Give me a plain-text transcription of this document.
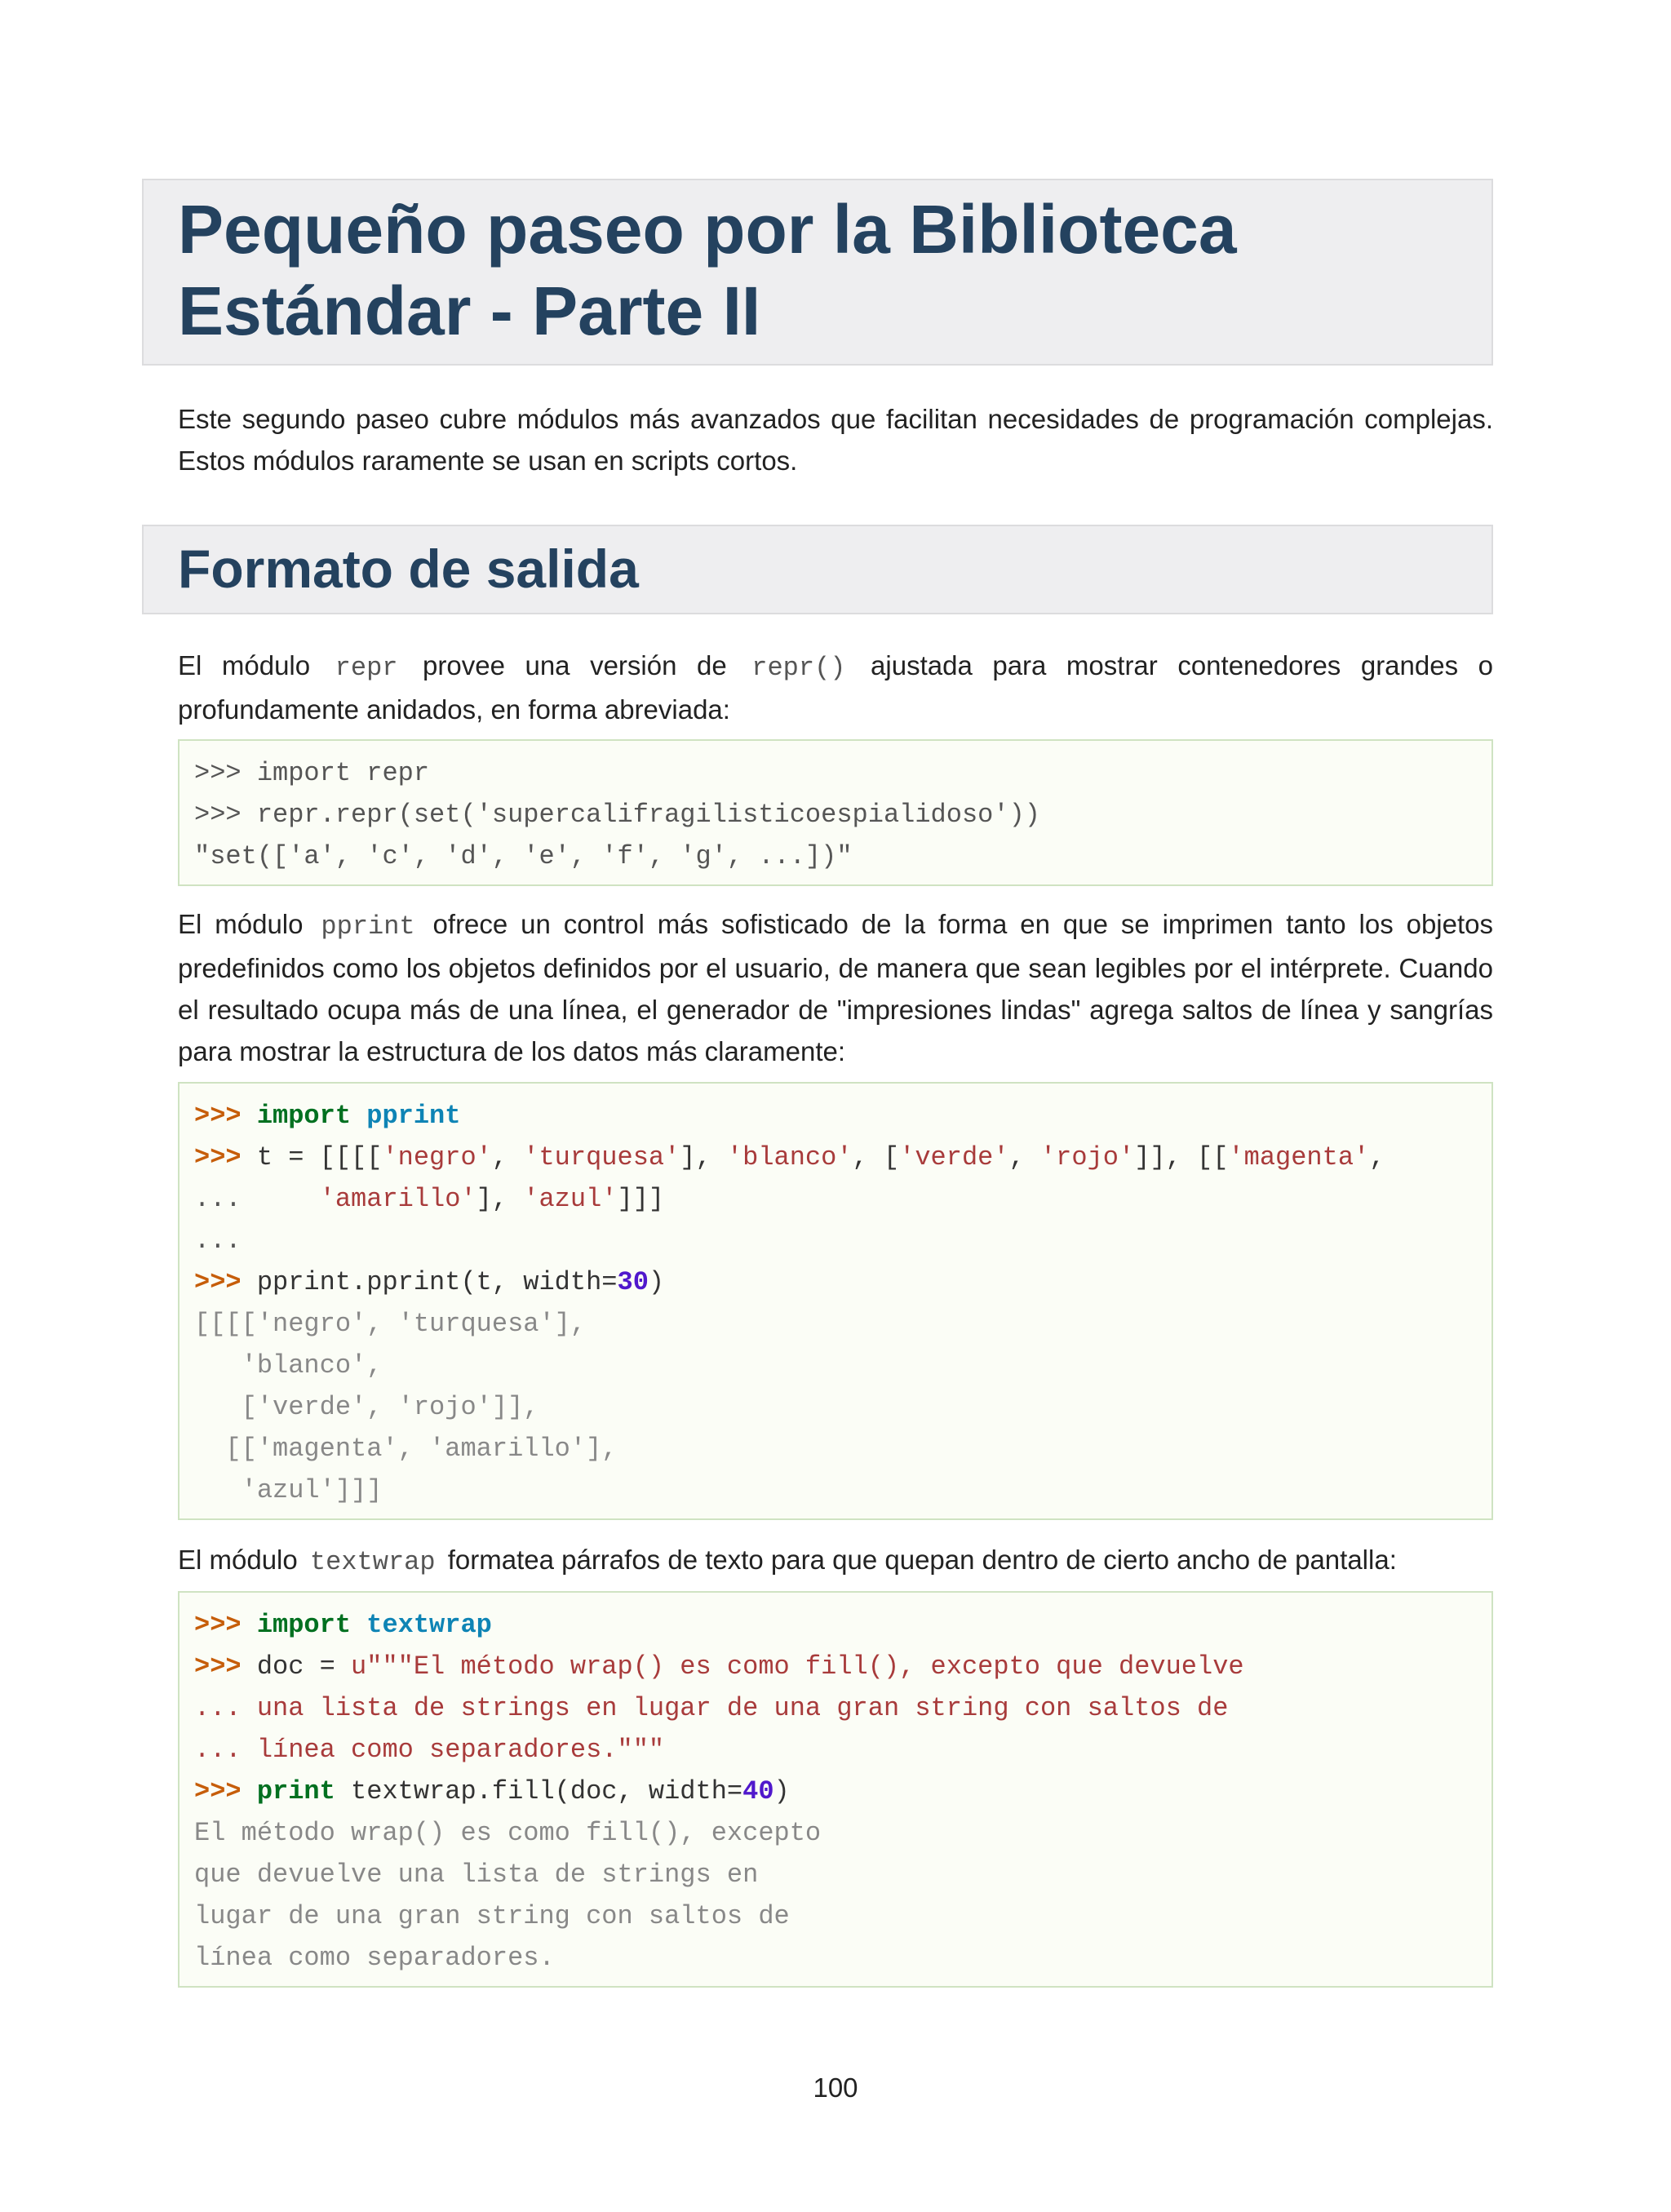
Pequeño paseo por la Biblioteca
Estándar - Parte II

Este segundo paseo cubre módulos más avanzados que facilitan necesidades de programación complejas. Estos módulos raramente se usan en scripts cortos.

Formato de salida

El módulo repr provee una versión de repr() ajustada para mostrar contenedores grandes o profundamente anidados, en forma abreviada:

>>> import repr
>>> repr.repr(set('supercalifragilisticoespialidoso'))
"set(['a', 'c', 'd', 'e', 'f', 'g', ...])"

El módulo pprint ofrece un control más sofisticado de la forma en que se imprimen tanto los objetos predefinidos como los objetos definidos por el usuario, de manera que sean legibles por el intérprete. Cuando el resultado ocupa más de una línea, el generador de "impresiones lindas" agrega saltos de línea y sangrías para mostrar la estructura de los datos más claramente:

>>> import pprint
>>> t = [[[['negro', 'turquesa'], 'blanco', ['verde', 'rojo']], [['magenta',
...	'amarillo'], 'azul']]]
...
>>> pprint.pprint(t, width=30)
[[[['negro', 'turquesa'],
'blanco',
['verde', 'rojo']],
[['magenta', 'amarillo'],
'azul']]]

El módulo textwrap formatea párrafos de texto para que quepan dentro de cierto ancho de pantalla:

>>> import textwrap
>>> doc = u"""El método wrap() es como fill(), excepto que devuelve
... una lista de strings en lugar de una gran string con saltos de
... línea como separadores."""
>>> print textwrap.fill(doc, width=40)
El método wrap() es como fill(), excepto
que devuelve una lista de strings en
lugar de una gran string con saltos de
línea como separadores.
100
